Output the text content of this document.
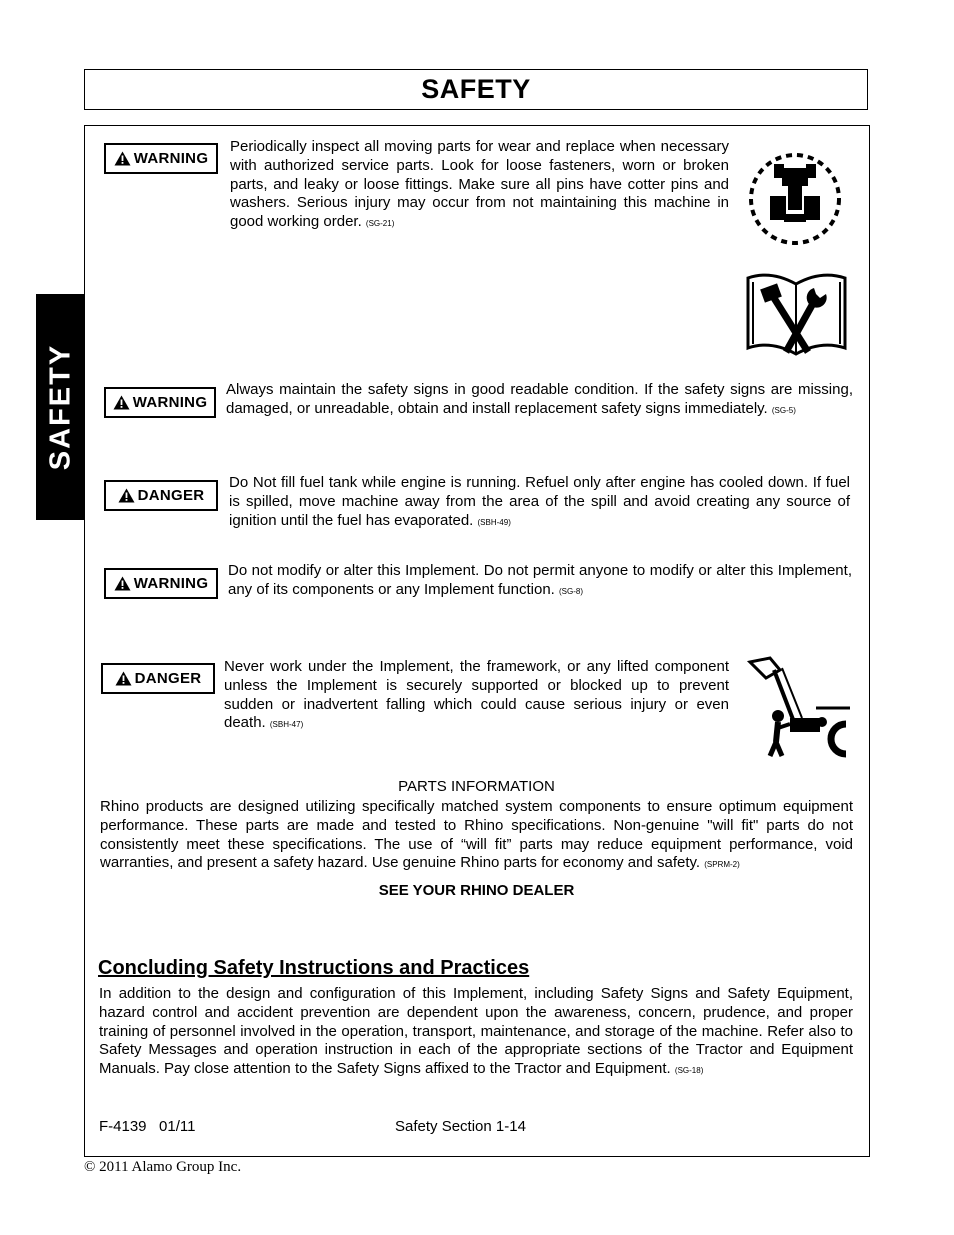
SAFETY
SAFETY
WARNING
Periodically inspect all moving parts for wear and replace when necessary with authorized service parts. Look for loose fasteners, worn or broken parts, and leaky or loose fittings. Make sure all pins have cotter pins and washers. Serious injury may occur from not maintaining this machine in good working order. (SG-21)
WARNING
Always maintain the safety signs in good readable condition. If the safety signs are missing, damaged, or unreadable, obtain and install replacement safety signs immediately. (SG-5)
DANGER
Do Not fill fuel tank while engine is running. Refuel only after engine has cooled down. If fuel is spilled, move machine away from the area of the spill and avoid creating any source of ignition until the fuel has evaporated. (SBH-49)
WARNING
Do not modify or alter this Implement. Do not permit anyone to modify or alter this Implement, any of its components or any Implement function. (SG-8)
DANGER
Never work under the Implement, the framework, or any lifted component unless the Implement is securely supported or blocked up to prevent sudden or inadvertent falling which could cause serious injury or even death. (SBH-47)
PARTS INFORMATION
Rhino products are designed utilizing specifically matched system components to ensure optimum equipment performance. These parts are made and tested to Rhino specifications. Non-genuine "will fit" parts do not consistently meet these specifications. The use of “will fit” parts may reduce equipment performance, void warranties, and present a safety hazard. Use genuine Rhino parts for economy and safety. (SPRM-2)
SEE YOUR RHINO DEALER
Concluding Safety Instructions and Practices
In addition to the design and configuration of this Implement, including Safety Signs and Safety Equipment, hazard control and accident prevention are dependent upon the awareness, concern, prudence, and proper training of personnel involved in the operation, transport, maintenance, and storage of the machine. Refer also to Safety Messages and operation instruction in each of the appropriate sections of the Tractor and Equipment Manuals. Pay close attention to the Safety Signs affixed to the Tractor and Equipment. (SG-18)
F-4139   01/11	Safety Section 1-14
© 2011 Alamo Group Inc.
